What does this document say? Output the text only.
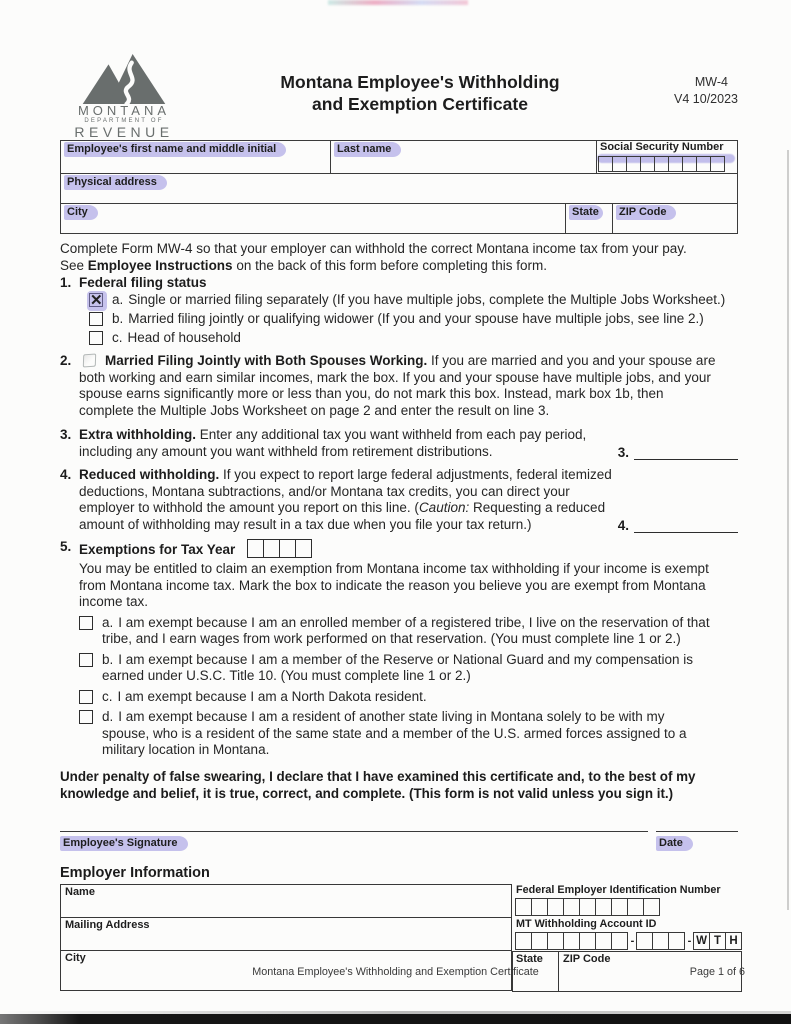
MONTANA
DEPARTMENT OF
REVENUE
Montana Employee's Withholding
and Exemption Certificate
MW-4
V4 10/2023
Employee's first name and middle initial	Last name	Social Security Number
Physical address
City	State	ZIP Code
Complete Form MW-4 so that your employer can withhold the correct Montana income tax from your pay.
See Employee Instructions on the back of this form before completing this form.
1. Federal filing status
✕ a. Single or married filing separately (If you have multiple jobs, complete the Multiple Jobs Worksheet.)
b. Married filing jointly or qualifying widower (If you and your spouse have multiple jobs, see line 2.)
c. Head of household
2.	Married Filing Jointly with Both Spouses Working. If you are married and you and your spouse are both working and earn similar incomes, mark the box. If you and your spouse have multiple jobs, and your spouse earns significantly more or less than you, do not mark this box. Instead, mark box 1b, then complete the Multiple Jobs Worksheet on page 2 and enter the result on line 3.
3. Extra withholding. Enter any additional tax you want withheld from each pay period, including any amount you want withheld from retirement distributions.	3.
4. Reduced withholding. If you expect to report large federal adjustments, federal itemized deductions, Montana subtractions, and/or Montana tax credits, you can direct your employer to withhold the amount you report on this line. (Caution: Requesting a reduced amount of withholding may result in a tax due when you file your tax return.)	4.
5. Exemptions for Tax Year
You may be entitled to claim an exemption from Montana income tax withholding if your income is exempt from Montana income tax. Mark the box to indicate the reason you believe you are exempt from Montana income tax.
a. I am exempt because I am an enrolled member of a registered tribe, I live on the reservation of that tribe, and I earn wages from work performed on that reservation. (You must complete line 1 or 2.)
b. I am exempt because I am a member of the Reserve or National Guard and my compensation is earned under U.S.C. Title 10. (You must complete line 1 or 2.)
c. I am exempt because I am a North Dakota resident.
d. I am exempt because I am a resident of another state living in Montana solely to be with my spouse, who is a resident of the same state and a member of the U.S. armed forces assigned to a military location in Montana.
Under penalty of false swearing, I declare that I have examined this certificate and, to the best of my knowledge and belief, it is true, correct, and complete. (This form is not valid unless you sign it.)
Employee's Signature	Date
Employer Information
Name
Mailing Address
City
Federal Employer Identification Number
MT Withholding Account ID
-	- W T H
State	ZIP Code
Montana Employee's Withholding and Exemption Certificate	Page 1 of 6
